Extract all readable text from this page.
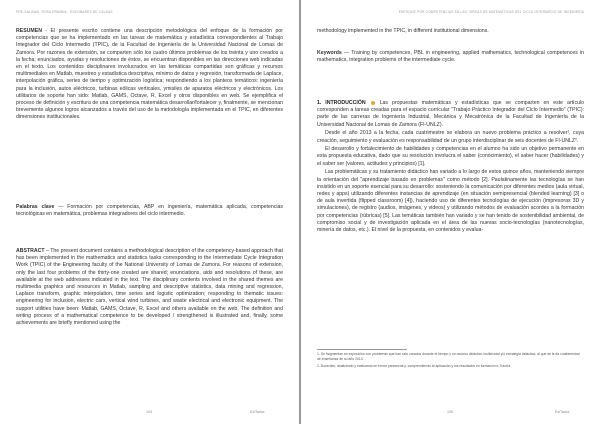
PRE-SALINAS, ROSA ERMINIA · ESCOBARES DE CALDAS
RESUMEN - El presente escrito contiene una descripción metodológica del enfoque de la formación por competencias que se ha implementado en las tareas de matemática y estadística correspondientes al Trabajo Integrador del Ciclo Intermedio (TPIC), de la Facultad de Ingeniería de la Universidad Nacional de Lomas de Zamora. Por razones de extensión, se comparten sólo los cuatro últimos problemas de los treinta y uno creados a la fecha; enunciados, ayudas y resoluciones de éstos, se encuentran disponibles en las direcciones web indicadas en el texto. Los contenidos disciplinares involucrados en las temáticas compartidas son gráficas y recursos multimediales en Matlab, muestreo y estadística descriptiva, mínimo de datos y regresión, transformada de Laplace, interpolación gráfica, series de tiempo y optimización logística; respondiendo a los planteos temáticos: ingeniería para la inclusión, autos eléctricos, turbinas eólicas verticales, ymisiles de aparatos eléctricos y electrónicos. Los utilitarios de soporte han sido: Matlab, GAMS, Octave, R, Excel y otros disponibles en web. Se ejemplifica el proceso de definición y escritura de una competencia matemática desarrollar/fortalecer y, finalmente, se mencionan brevemente algunos logros alcanzados a través del uso de la metodología implementada en el TPIC, en diferentes dimensiones institucionales.
Palabras clave — Formación por competencias, ABP en ingeniería, matemática aplicada, competencias tecnológicas en matemática, problemas integradores del ciclo intermedio.
ABSTRACT – The present document contains a methodological description of the competency-based approach that has been implemented in the mathematics and statistics tasks corresponding to the Intermediate Cycle Integration Work (TPIC) of the Engineering faculty of the National University of Lomas de Zamora. For reasons of extension, only the last four problems of the thirty-one created are shared; enunciations, aids and resolutions of these, are available at the web addresses indicated in the text. The disciplinary contents involved in the shared themes are multimedia graphics and resources in Matlab, sampling and descriptive statistics, data mining and regression, Laplace transform, graphic interpolation, time series and logistic optimization; responding to thematic issues: engineering for inclusion, electric cars, vertical wind turbines, and waste electrical and electronic equipment. The support utilities have been: Matlab, GAMS, Octave, R, Excel and others available on the web. The definition and writing process of a mathematical competence to be developed / strengthened is illustrated and, finally, some achievements are briefly mentioned using the
104	ExiTadox
ENFOQUE POR COMPETENCIAS EN LAS TAREAS DE MATEMÁTICAS DEL CICLO INTERMEDIO DE INGENIERÍA
methodology implemented in the TPIC, in different institutional dimensions.
Keywords — Training by competences, PBL in engineering, applied mathematics, technological competences in mathematics, integration problems of the intermediate cycle.

1. INTRODUCCIÓN	Las propuestas matemáticas y estadísticas que se comparten en este artículo corresponden a tareas creadas para el espacio curricular "Trabajo Práctico Integrador del Ciclo Intermedio" (TPIC): parte de las carreras de Ingeniería Industrial, Mecánica y Mecatrónica de la Facultad de Ingeniería de la Universidad Nacional de Lomas de Zamora (FI-UNLZ).

Desde el año 2013 a la fecha, cada cuatrimestre se elabora un nuevo problema práctico a resolver¹, cuya creación, seguimiento y evaluación es responsabilidad de un grupo interdisciplinar de seis docentes de FI-UNLZ².

El desarrollo y fortalecimiento de habilidades y competencias en el alumno ha sido un objetivo permanente en esta propuesta educativa, dado que su resolución involucra el saber (conocimiento), el saber hacer (habilidades) y el saber ser (valores, actitudes y principios) [1].

Las problemáticas y su tratamiento didáctico han variado a lo largo de estos quince años, manteniendo siempre la orientación del "aprendizaje basado en problemas" como método [2]. Paulatinamente las tecnologías se han insistido en un soporte esencial para su desarrollo: sosteniendo la comunicación por diferentes medios (aula virtual, redes y apps) utilizando diferentes instancias de aprendizaje (en situación semipresencial (blended learning) [3] o de aula invertida (flipped classroom) [4]), haciendo uso de diferentes tecnologías de ejecución (impresoras 3D y simulaciones), de registro (audios, imágenes, y videos) y utilizando métodos de evaluación acordes a la formación por competencias (rúbricas) [5]. Las temáticas también han variado y se han tenido de sostenibilidad ambiental, de compromiso social y de investigación aplicada en el área de las nuevas socio-tecnologías (nanotecnologías, minería de datos, etc.). El nivel de la propuesta, en contenidos y evalua-

1. Se fragmentan en exposición con problemas que han sido creados durante el tiempo y un recurso didáctico multimodal y/o estrategia didáctica, al que se le da cuatrimestral de enseñanza de su año 2013.
2. Docentes, analizando y evaluando en forma presencial y, comprendiendo la aplicación y los resultados en formación e-Tutoría.
105	ExiTadox
